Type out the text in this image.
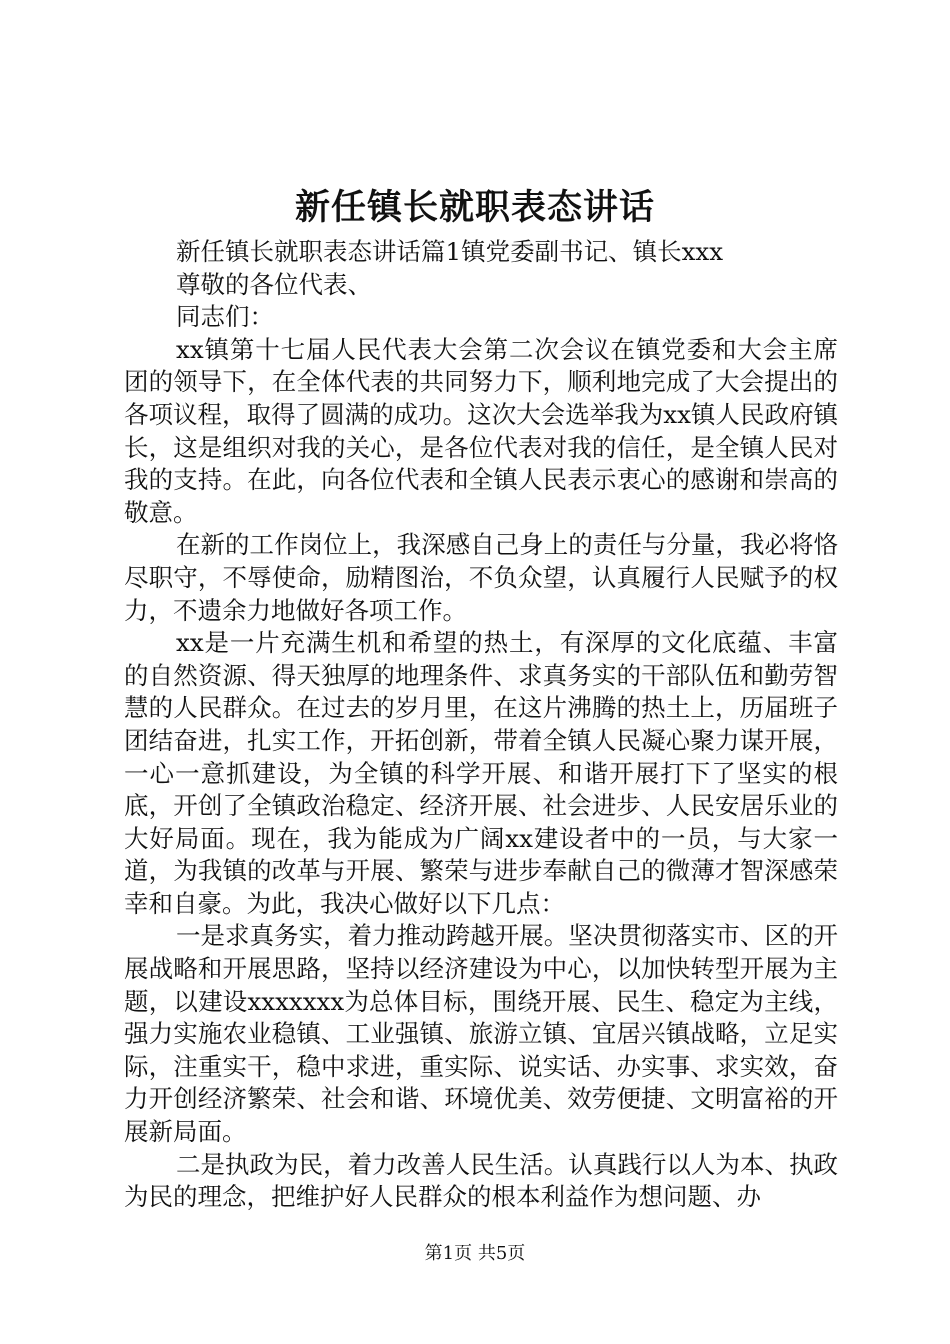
新任镇长就职表态讲话

新任镇长就职表态讲话篇1镇党委副书记、镇长xxx

尊敬的各位代表、

同志们：

xx镇第十七届人民代表大会第二次会议在镇党委和大会主席团的领导下，在全体代表的共同努力下，顺利地完成了大会提出的各项议程，取得了圆满的成功。这次大会选举我为xx镇人民政府镇长，这是组织对我的关心，是各位代表对我的信任，是全镇人民对我的支持。在此，向各位代表和全镇人民表示衷心的感谢和崇高的敬意。

在新的工作岗位上，我深感自己身上的责任与分量，我必将恪尽职守，不辱使命，励精图治，不负众望，认真履行人民赋予的权力，不遗余力地做好各项工作。

xx是一片充满生机和希望的热土，有深厚的文化底蕴、丰富的自然资源、得天独厚的地理条件、求真务实的干部队伍和勤劳智慧的人民群众。在过去的岁月里，在这片沸腾的热土上，历届班子团结奋进，扎实工作，开拓创新，带着全镇人民凝心聚力谋开展，一心一意抓建设，为全镇的科学开展、和谐开展打下了坚实的根底，开创了全镇政治稳定、经济开展、社会进步、人民安居乐业的大好局面。现在，我为能成为广阔xx建设者中的一员，与大家一道，为我镇的改革与开展、繁荣与进步奉献自己的微薄才智深感荣幸和自豪。为此，我决心做好以下几点：

一是求真务实，着力推动跨越开展。坚决贯彻落实市、区的开展战略和开展思路，坚持以经济建设为中心，以加快转型开展为主题，以建设xxxxxxx为总体目标，围绕开展、民生、稳定为主线，强力实施农业稳镇、工业强镇、旅游立镇、宜居兴镇战略，立足实际，注重实干，稳中求进，重实际、说实话、办实事、求实效，奋力开创经济繁荣、社会和谐、环境优美、效劳便捷、文明富裕的开展新局面。

二是执政为民，着力改善人民生活。认真践行以人为本、执政为民的理念，把维护好人民群众的根本利益作为想问题、办

第1页 共5页
